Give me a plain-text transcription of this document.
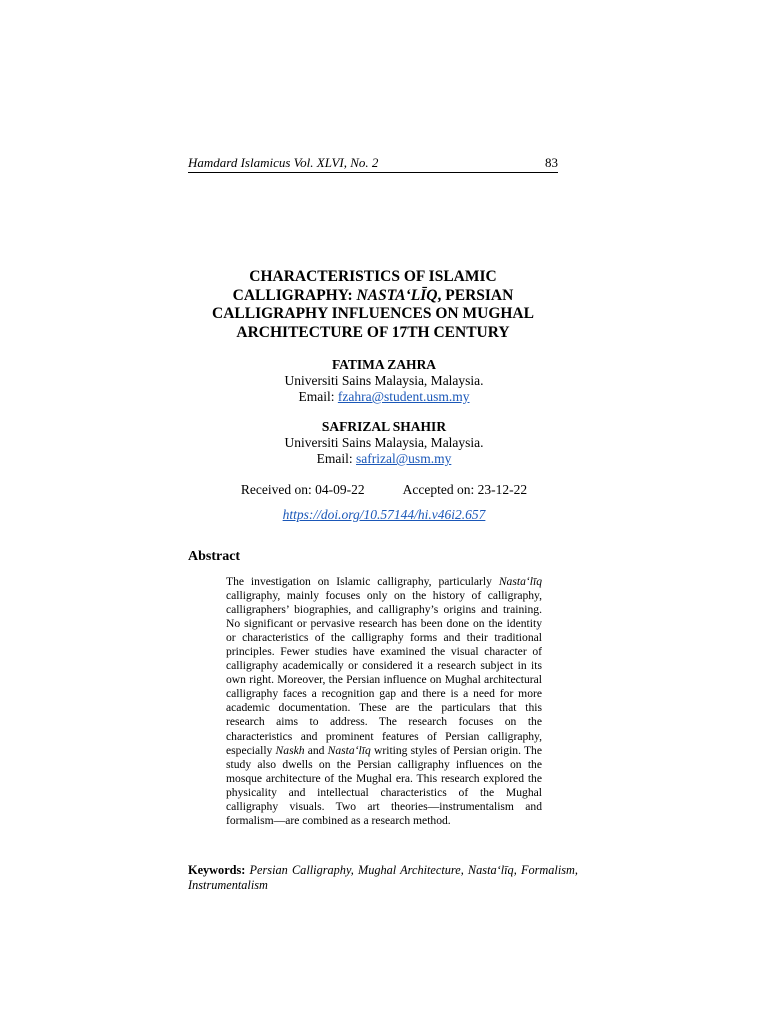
Hamdard Islamicus Vol. XLVI, No. 2	83
CHARACTERISTICS OF ISLAMIC
CALLIGRAPHY: NASTA‘LĪQ, PERSIAN
CALLIGRAPHY INFLUENCES ON MUGHAL
ARCHITECTURE OF 17TH CENTURY
FATIMA ZAHRA
Universiti Sains Malaysia, Malaysia.
Email: fzahra@student.usm.my
SAFRIZAL SHAHIR
Universiti Sains Malaysia, Malaysia.
Email: safrizal@usm.my
Received on: 04-09-22	Accepted on: 23-12-22
https://doi.org/10.57144/hi.v46i2.657
Abstract
The investigation on Islamic calligraphy, particularly Nasta‘līq calligraphy, mainly focuses only on the history of calligraphy, calligraphers’ biographies, and calligraphy’s origins and training. No significant or pervasive research has been done on the identity or characteristics of the calligraphy forms and their traditional principles. Fewer studies have examined the visual character of calligraphy academically or considered it a research subject in its own right. Moreover, the Persian influence on Mughal architectural calligraphy faces a recognition gap and there is a need for more academic documentation. These are the particulars that this research aims to address. The research focuses on the characteristics and prominent features of Persian calligraphy, especially Naskh and Nasta‘līq writing styles of Persian origin. The study also dwells on the Persian calligraphy influences on the mosque architecture of the Mughal era. This research explored the physicality and intellectual characteristics of the Mughal calligraphy visuals. Two art theories—instrumentalism and formalism—are combined as a research method.
Keywords: Persian Calligraphy, Mughal Architecture, Nasta‘līq, Formalism, Instrumentalism
